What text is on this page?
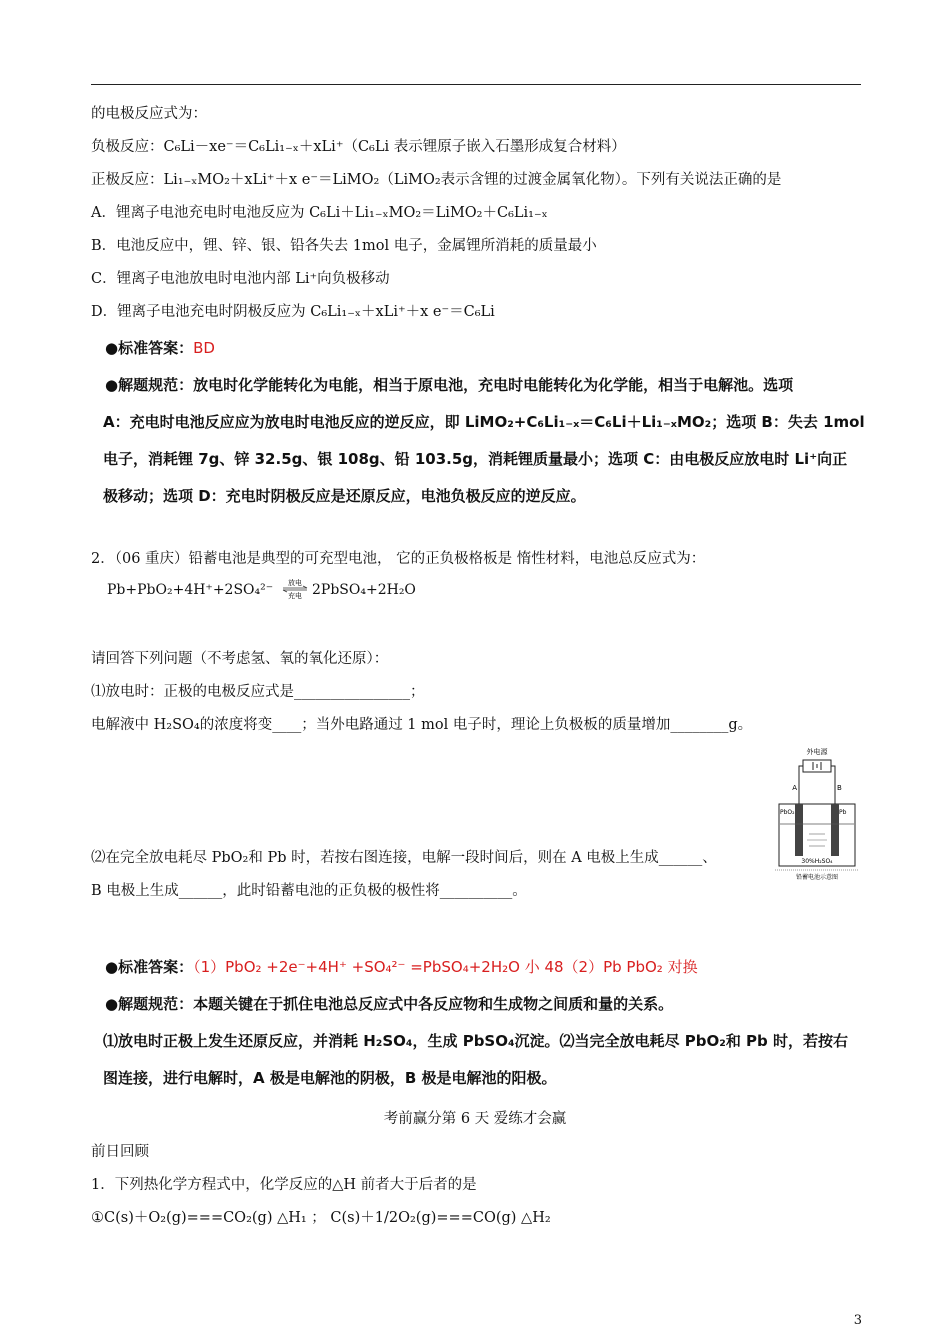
的电极反应式为：
负极反应：C₆Li－xe⁻＝C₆Li₁₋ₓ＋xLi⁺（C₆Li 表示锂原子嵌入石墨形成复合材料）
正极反应：Li₁₋ₓMO₂＋xLi⁺＋x e⁻＝LiMO₂（LiMO₂表示含锂的过渡金属氧化物）。下列有关说法正确的是
A．锂离子电池充电时电池反应为 C₆Li＋Li₁₋ₓMO₂＝LiMO₂＋C₆Li₁₋ₓ
B．电池反应中，锂、锌、银、铅各失去 1mol 电子，金属锂所消耗的质量最小
C．锂离子电池放电时电池内部 Li⁺向负极移动
D．锂离子电池充电时阴极反应为 C₆Li₁₋ₓ＋xLi⁺＋x e⁻＝C₆Li
●标准答案：BD
●解题规范：放电时化学能转化为电能，相当于原电池，充电时电能转化为化学能，相当于电解池。选项
A：充电时电池反应应为放电时电池反应的逆反应，即 LiMO₂+C₆Li₁₋ₓ＝C₆Li＋Li₁₋ₓMO₂；选项 B：失去 1mol
电子，消耗锂 7g、锌 32.5g、银 108g、铅 103.5g，消耗锂质量最小；选项 C：由电极反应放电时 Li⁺向正
极移动；选项 D：充电时阴极反应是还原反应，电池负极反应的逆反应。
2．（06 重庆）铅蓄电池是典型的可充型电池， 它的正负极格板是 惰性材料，电池总反应式为：
Pb+PbO₂+4H⁺+2SO₄²⁻ 放电
充电 2PbSO₄+2H₂O
请回答下列问题（不考虑氢、氧的氧化还原）：
⑴放电时：正极的电极反应式是________________；
电解液中 H₂SO₄的浓度将变____；当外电路通过 1 mol 电子时，理论上负极板的质量增加________g。
外电源
A	B
PbO₂	Pb
30%H₂SO₄
铅蓄电池示意图
⑵在完全放电耗尽 PbO₂和 Pb 时，若按右图连接，电解一段时间后，则在 A 电极上生成______、
B 电极上生成______，此时铅蓄电池的正负极的极性将__________。
●标准答案：（1）PbO₂ +2e⁻+4H⁺ +SO₄²⁻ =PbSO₄+2H₂O 小 48（2）Pb PbO₂ 对换
●解题规范：本题关键在于抓住电池总反应式中各反应物和生成物之间质和量的关系。
⑴放电时正极上发生还原反应，并消耗 H₂SO₄，生成 PbSO₄沉淀。⑵当完全放电耗尽 PbO₂和 Pb 时，若按右
图连接，进行电解时，A 极是电解池的阴极，B 极是电解池的阳极。
考前赢分第 6 天 爱练才会赢
前日回顾
1．下列热化学方程式中，化学反应的△H 前者大于后者的是
①C(s)＋O₂(g)===CO₂(g) △H₁ ； C(s)＋1/2O₂(g)===CO(g) △H₂
3
